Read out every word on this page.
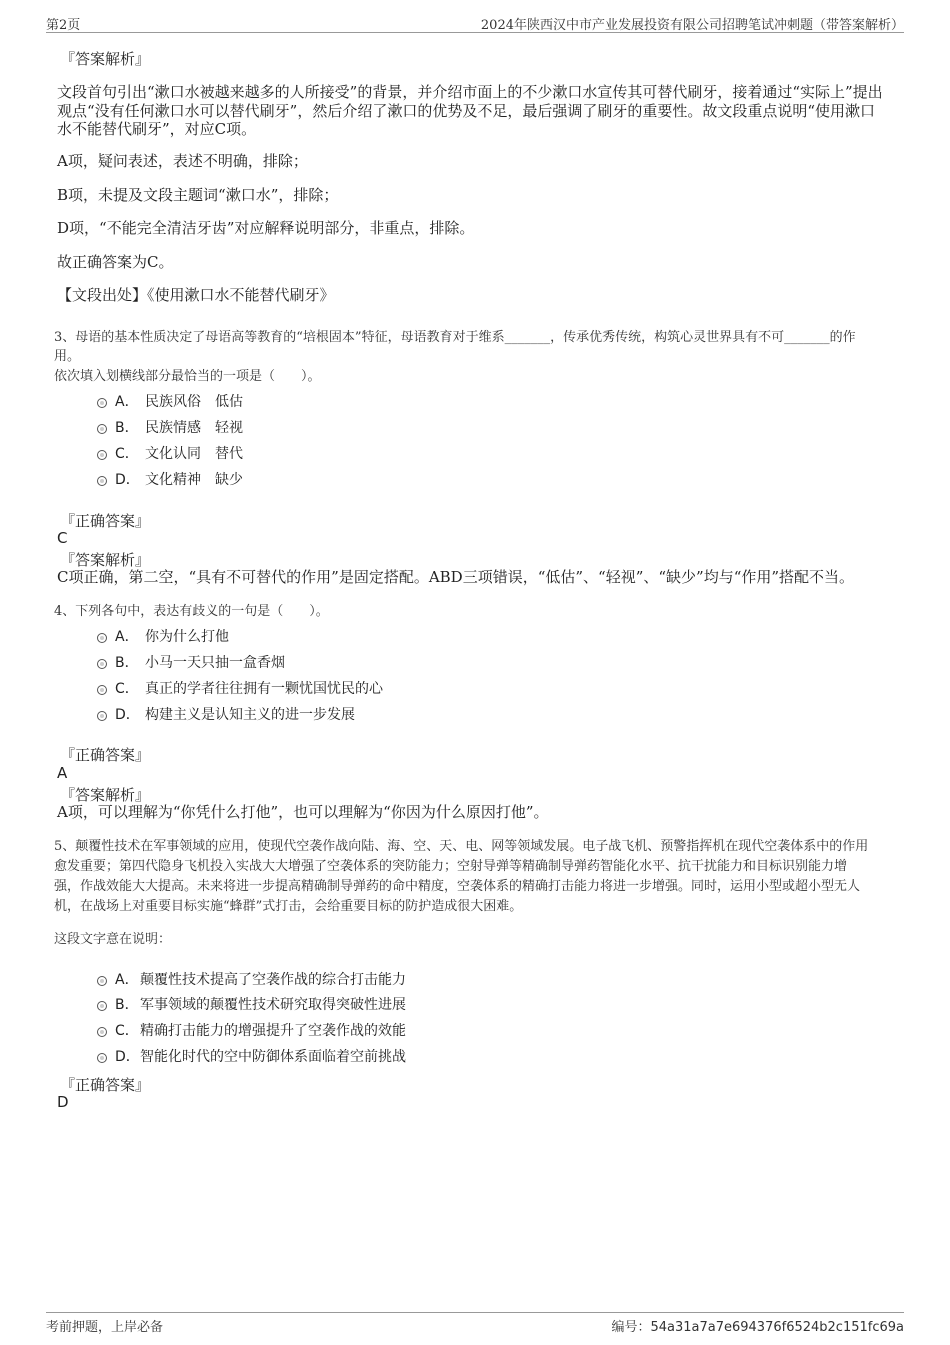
第2页	2024年陕西汉中市产业发展投资有限公司招聘笔试冲刺题（带答案解析）
『答案解析』
文段首句引出“漱口水被越来越多的人所接受”的背景，并介绍市面上的不少漱口水宣传其可替代刷牙，接着通过“实际上”提出
观点“没有任何漱口水可以替代刷牙”，然后介绍了漱口的优势及不足，最后强调了刷牙的重要性。故文段重点说明“使用漱口
水不能替代刷牙”，对应C项。
A项，疑问表述，表述不明确，排除；
B项，未提及文段主题词“漱口水”，排除；
D项，“不能完全清洁牙齿”对应解释说明部分，非重点，排除。
故正确答案为C。
【文段出处】《使用漱口水不能替代刷牙》
3、母语的基本性质决定了母语高等教育的“培根固本”特征，母语教育对于维系_______，传承优秀传统，构筑心灵世界具有不可_______的作
用。
依次填入划横线部分最恰当的一项是（　　）。
A． 民族风俗　低估
B． 民族情感　轻视
C． 文化认同　替代
D． 文化精神　缺少
『正确答案』
C
『答案解析』
C项正确，第二空，“具有不可替代的作用”是固定搭配。ABD三项错误，“低估”、“轻视”、“缺少”均与“作用”搭配不当。
4、下列各句中，表达有歧义的一句是（　　）。
A． 你为什么打他
B． 小马一天只抽一盒香烟
C． 真正的学者往往拥有一颗忧国忧民的心
D． 构建主义是认知主义的进一步发展
『正确答案』
A
『答案解析』
A项，可以理解为“你凭什么打他”，也可以理解为“你因为什么原因打他”。
5、颠覆性技术在军事领域的应用，使现代空袭作战向陆、海、空、天、电、网等领域发展。电子战飞机、预警指挥机在现代空袭体系中的作用
愈发重要；第四代隐身飞机投入实战大大增强了空袭体系的突防能力；空射导弹等精确制导弹药智能化水平、抗干扰能力和目标识别能力增
强，作战效能大大提高。未来将进一步提高精确制导弹药的命中精度，空袭体系的精确打击能力将进一步增强。同时，运用小型或超小型无人
机，在战场上对重要目标实施“蜂群”式打击，会给重要目标的防护造成很大困难。
这段文字意在说明：
A． 颠覆性技术提高了空袭作战的综合打击能力
B． 军事领域的颠覆性技术研究取得突破性进展
C． 精确打击能力的增强提升了空袭作战的效能
D． 智能化时代的空中防御体系面临着空前挑战
『正确答案』
D
考前押题，上岸必备	编号：54a31a7a7e694376f6524b2c151fc69a
